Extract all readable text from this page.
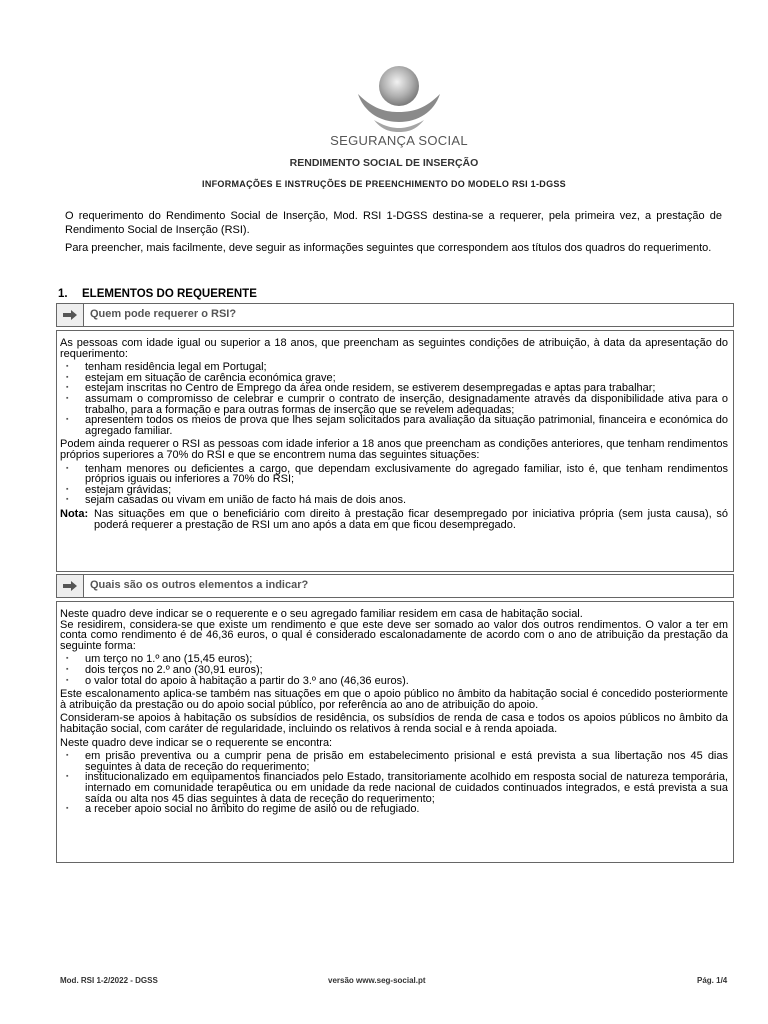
SEGURANÇA SOCIAL
RENDIMENTO SOCIAL DE INSERÇÃO
INFORMAÇÕES E INSTRUÇÕES DE PREENCHIMENTO DO MODELO RSI 1-DGSS

O requerimento do Rendimento Social de Inserção, Mod. RSI 1-DGSS destina-se a requerer, pela primeira vez, a prestação de Rendimento Social de Inserção (RSI).

Para preencher, mais facilmente, deve seguir as informações seguintes que correspondem aos títulos dos quadros do requerimento.

1. ELEMENTOS DO REQUERENTE
Quem pode requerer o RSI?

As pessoas com idade igual ou superior a 18 anos, que preencham as seguintes condições de atribuição, à data da apresentação do requerimento:

▪ tenham residência legal em Portugal;
▪ estejam em situação de carência económica grave;
▪ estejam inscritas no Centro de Emprego da área onde residem, se estiverem desempregadas e aptas para trabalhar;
▪ assumam o compromisso de celebrar e cumprir o contrato de inserção, designadamente através da disponibilidade ativa para o trabalho, para a formação e para outras formas de inserção que se revelem adequadas;
▪ apresentem todos os meios de prova que lhes sejam solicitados para avaliação da situação patrimonial, financeira e económica do agregado familiar.

Podem ainda requerer o RSI as pessoas com idade inferior a 18 anos que preencham as condições anteriores, que tenham rendimentos próprios superiores a 70% do RSI e que se encontrem numa das seguintes situações:

▪ tenham menores ou deficientes a cargo, que dependam exclusivamente do agregado familiar, isto é, que tenham rendimentos próprios iguais ou inferiores a 70% do RSI;
▪ estejam grávidas;
▪ sejam casadas ou vivam em união de facto há mais de dois anos.
Nota: Nas situações em que o beneficiário com direito à prestação ficar desempregado por iniciativa própria (sem justa causa), só poderá requerer a prestação de RSI um ano após a data em que ficou desempregado.
Quais são os outros elementos a indicar?

Neste quadro deve indicar se o requerente e o seu agregado familiar residem em casa de habitação social.

Se residirem, considera-se que existe um rendimento e que este deve ser somado ao valor dos outros rendimentos. O valor a ter em conta como rendimento é de 46,36 euros, o qual é considerado escalonadamente de acordo com o ano de atribuição da prestação da seguinte forma:

▪ um terço no 1.º ano (15,45 euros);
▪ dois terços no 2.º ano (30,91 euros);
▪ o valor total do apoio à habitação a partir do 3.º ano (46,36 euros).

Este escalonamento aplica-se também nas situações em que o apoio público no âmbito da habitação social é concedido posteriormente à atribuição da prestação ou do apoio social público, por referência ao ano de atribuição do apoio.

Consideram-se apoios à habitação os subsídios de residência, os subsídios de renda de casa e todos os apoios públicos no âmbito da habitação social, com caráter de regularidade, incluindo os relativos à renda social e à renda apoiada.

Neste quadro deve indicar se o requerente se encontra:

▪ em prisão preventiva ou a cumprir pena de prisão em estabelecimento prisional e está prevista a sua libertação nos 45 dias seguintes à data de receção do requerimento;
▪ institucionalizado em equipamentos financiados pelo Estado, transitoriamente acolhido em resposta social de natureza temporária, internado em comunidade terapêutica ou em unidade da rede nacional de cuidados continuados integrados, e está prevista a sua saída ou alta nos 45 dias seguintes à data de receção do requerimento;
▪ a receber apoio social no âmbito do regime de asilo ou de refugiado.
Mod. RSI 1-2/2022 - DGSS	versão www.seg-social.pt	Pág. 1/4
